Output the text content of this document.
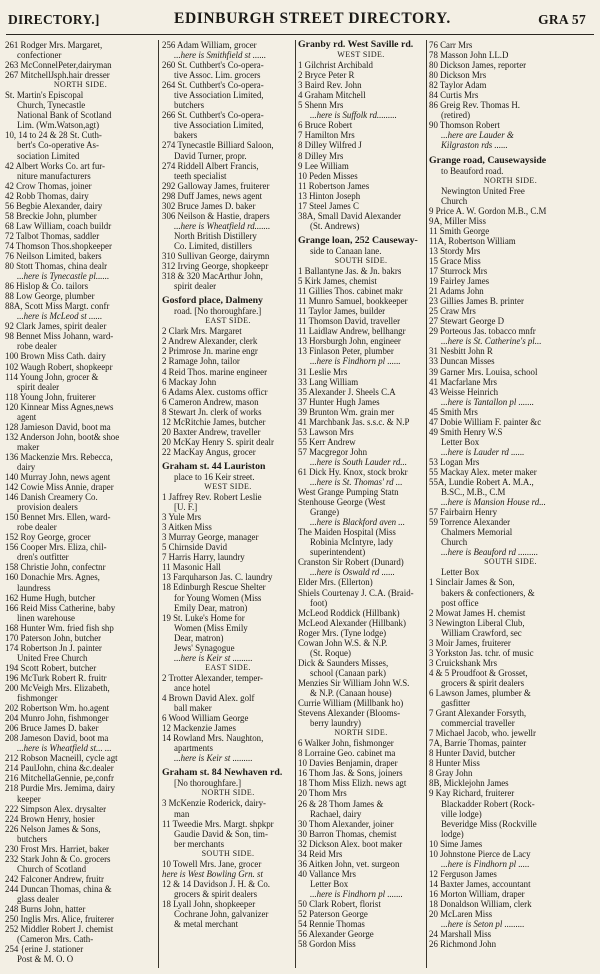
DIRECTORY.]	EDINBURGH STREET DIRECTORY.	GRA 57
261 Rodger Mrs. Margaret,
confectioner
263 McConnelPeter,dairyman
267 MitchellJsph.hair dresser
NORTH SIDE.
St. Martin's Episcopal
Church, Tynecastle
National Bank of Scotland
Lim. (Wm.Watson,agt)
10, 14 to 24 & 28 St. Cuth-
bert's Co-operative As-
sociation Limited
42 Albert Works Co. art fur-
niture manufacturers
42 Crow Thomas, joiner
42 Robb Thomas, dairy
56 Begbie Alexander, dairy
58 Breckie John, plumber
68 Law William, coach buildr
72 Talbot Thomas, saddler
74 Thomson Thos.shopkeeper
76 Neilson Limited, bakers
80 Stott Thomas, china dealr
...here is Tynecastle pl......
86 Hislop & Co. tailors
88 Low George, plumber
88A, Scott Miss Margt. confr
...here is McLeod st ......
92 Clark James, spirit dealer
98 Bennet Miss Johann, ward-
robe dealer
100 Brown Miss Cath. dairy
102 Waugh Robert, shopkeepr
114 Young John, grocer &
spirit dealer
118 Young John, fruiterer
120 Kinnear Miss Agnes,news
agent
128 Jamieson David, boot ma
132 Anderson John, boot& shoe
maker
136 Mackenzie Mrs. Rebecca,
dairy
140 Murray John, news agent
142 Cowie Miss Annie, draper
146 Danish Creamery Co.
provision dealers
150 Bennet Mrs. Ellen, ward-
robe dealer
152 Roy George, grocer
156 Cooper Mrs. Eliza, chil-
dren's outfitter
158 Christie John, confectnr
160 Donachie Mrs. Agnes,
laundress
162 Hume Hugh, butcher
166 Reid Miss Catherine, baby
linen warehouse
168 Hunter Wm. fried fish shp
170 Paterson John, butcher
174 Robertson Jn J. painter
United Free Church
194 Scott Robert, butcher
196 McTurk Robert R. fruitr
200 McVeigh Mrs. Elizabeth,
fishmonger
202 Robertson Wm. ho.agent
204 Munro John, fishmonger
206 Bruce James D. baker
208 Jameson David, boot ma
...here is Wheatfield st... ...
212 Robson Macneill, cycle agt
214 PaulJohn, china &c.dealer
216 MitchellaGennie, pe,confr
218 Purdie Mrs. Jemima, dairy
keeper
222 Simpson Alex. drysalter
224 Brown Henry, hosier
226 Nelson James & Sons,
butchers
230 Frost Mrs. Harriet, baker
232 Stark John & Co. grocers
Church of Scotland
242 Falconer Andrew, fruitr
244 Duncan Thomas, china &
glass dealer
248 Burns John, hatter
250 Inglis Mrs. Alice, fruiterer
252 Middler Robert J. chemist
(Cameron Mrs. Cath-
254 {erine J. stationer
Post & M. O. O
256 Adam William, grocer
...here is Smithfield st ......
260 St. Cuthbert's Co-opera-
tive Assoc. Lim. grocers
264 St. Cuthbert's Co-opera-
tive Association Limited,
butchers
266 St. Cuthbert's Co-opera-
tive Association Limited,
bakers
274 Tynecastle Billiard Saloon,
David Turner, propr.
274 Riddell Albert Francis,
teeth specialist
292 Galloway James, fruiterer
298 Duff James, news agent
302 Bruce James D. baker
306 Neilson & Hastie, drapers
...here is Wheatfield rd.......
North British Distillery
Co. Limited, distillers
310 Sullivan George, dairymn
312 Irving George, shopkeepr
318 & 320 MacArthur John,
spirit dealer
Gosford place, Dalmeny
road. [No thoroughfare.]
EAST SIDE.
2 Clark Mrs. Margaret
2 Andrew Alexander, clerk
2 Primrose Jn. marine engr
2 Ramage John, tailor
4 Reid Thos. marine engineer
6 Mackay John
6 Adams Alex. customs officr
6 Cameron Andrew, mason
8 Stewart Jn. clerk of works
12 McRitchie James, butcher
20 Baxter Andrew, traveller
20 McKay Henry S. spirit dealr
22 MacKay Angus, grocer
Graham st. 44 Lauriston
place to 16 Keir street.
WEST SIDE.
1 Jaffrey Rev. Robert Leslie
[U. F.]
3 Yule Mrs
3 Aitken Miss
3 Murray George, manager
5 Chirnside David
7 Harris Harry, laundry
11 Masonic Hall
13 Farquharson Jas. C. laundry
18 Edinburgh Rescue Shelter
for Young Women (Miss
Emily Dear, matron)
19 St. Luke's Home for
Women (Miss Emily
Dear, matron)
Jews' Synagogue
...here is Keir st .........
EAST SIDE.
2 Trotter Alexander, temper-
ance hotel
4 Brown David Alex. golf
ball maker
6 Wood William George
12 Mackenzie James
14 Rowland Mrs. Naughton,
apartments
...here is Keir st .........
Graham st. 84 Newhaven rd.
[No thoroughfare.]
NORTH SIDE.
3 McKenzie Roderick, dairy-
man
11 Tweedie Mrs. Margt. shpkpr
Gaudie David & Son, tim-
ber merchants
SOUTH SIDE.
10 Towell Mrs. Jane, grocer
here is West Bowling Grn. st
12 & 14 Davidson J. H. & Co.
grocers & spirit dealers
18 Lyall John, shopkeeper
Cochrane John, galvanizer
& metal merchant
Granby rd. West Saville rd.
WEST SIDE.
1 Gilchrist Archibald
2 Bryce Peter R
3 Baird Rev. John
4 Graham Mitchell
5 Shenn Mrs
...here is Suffolk rd.........
6 Bruce Robert
7 Hamilton Mrs
8 Dilley Wilfred J
8 Dilley Mrs
9 Lee William
10 Peden Misses
11 Robertson James
13 Hinton Joseph
17 Steel James C
38A, Small David Alexander
(St. Andrews)
Grange loan, 252 Causeway-
side to Canaan lane.
SOUTH SIDE.
1 Ballantyne Jas. & Jn. bakrs
5 Kirk James, chemist
11 Gillies Thos. cabinet makr
11 Munro Samuel, bookkeeper
11 Taylor James, builder
11 Thomson David, traveller
11 Laidlaw Andrew, bellhangr
13 Horsburgh John, engineer
13 Finlason Peter, plumber
...here is Findhorn pl ......
31 Leslie Mrs
33 Lang William
35 Alexander J. Sheels C.A
37 Hunter Hugh James
39 Brunton Wm. grain mer
41 Marchbank Jas. s.s.c. & N.P
53 Lawson Mrs
55 Kerr Andrew
57 Macgregor John
...here is South Lauder rd...
61 Dick Hy. Knox, stock brokr
...here is St. Thomas' rd ...
West Grange Pumping Statn
Stenhouse George (West
Grange)
...here is Blackford aven ...
The Maiden Hospital (Miss
Robinia McIntyre, lady
superintendent)
Cranston Sir Robert (Dunard)
...here is Oswald rd ......
Elder Mrs. (Ellerton)
Shiels Courtenay J. C.A. (Braid-
foot)
McLeod Roddick (Hillbank)
McLeod Alexander (Hillbank)
Roger Mrs. (Tyne lodge)
Cowan John W.S. & N.P.
(St. Roque)
Dick & Saunders Misses,
school (Canaan park)
Menzies Sir William John W.S.
& N.P. (Canaan house)
Currie William (Millbank ho)
Stevens Alexander (Blooms-
berry laundry)
NORTH SIDE.
6 Walker John, fishmonger
8 Lorraine Geo. cabinet ma
10 Davies Benjamin, draper
16 Thom Jas. & Sons, joiners
18 Thom Miss Elizh. news agt
20 Thom Mrs
26 & 28 Thom James &
Rachael, dairy
30 Thom Alexander, joiner
30 Barron Thomas, chemist
32 Dickson Alex. boot maker
34 Reid Mrs
36 Aitken John, vet. surgeon
40 Vallance Mrs
Letter Box
...here is Findhorn pl .......
50 Clark Robert, florist
52 Paterson George
54 Rennie Thomas
56 Alexander George
58 Gordon Miss
76 Carr Mrs
78 Masson John LL.D
80 Dickson James, reporter
80 Dickson Mrs
82 Taylor Adam
84 Curtis Mrs
86 Greig Rev. Thomas H.
(retired)
90 Thomson Robert
...here are Lauder &
Kilgraston rds ......
Grange road, Causewayside
to Beauford road.
NORTH SIDE.
Newington United Free
Church
9 Price A. W. Gordon M.B., C.M
9A, Miller Miss
11 Smith George
11A, Robertson William
13 Stordy Mrs
15 Grace Miss
17 Sturrock Mrs
19 Fairley James
21 Adams John
23 Gillies James B. printer
25 Craw Mrs
27 Stewart George D
29 Porteous Jas. tobacco mnfr
...here is St. Catherine's pl...
31 Nesbitt John R
33 Duncan Misses
39 Garner Mrs. Louisa, school
41 Macfarlane Mrs
43 Weisse Heinrich
...here is Tantallon pl .......
45 Smith Mrs
47 Dobie William F. painter &c
49 Smith Henry W.S
Letter Box
...here is Lauder rd ......
53 Logan Mrs
55 Mackay Alex. meter maker
55A, Lundie Robert A. M.A.,
B.SC., M.B., C.M
...here is Mansion House rd...
57 Fairbairn Henry
59 Torrence Alexander
Chalmers Memorial
Church
...here is Beauford rd .........
SOUTH SIDE.
Letter Box
1 Sinclair James & Son,
bakers & confectioners, &
post office
2 Mowat James H. chemist
3 Newington Liberal Club,
William Crawford, sec
3 Moir James, fruiterer
3 Yorkston Jas. tchr. of music
3 Cruickshank Mrs
4 & 5 Proudfoot & Grosset,
grocers & spirit dealers
6 Lawson James, plumber &
gasfitter
7 Grant Alexander Forsyth,
commercial traveller
7 Michael Jacob, who. jewellr
7A, Barrie Thomas, painter
8 Hunter David, butcher
8 Hunter Miss
8 Gray John
8B, Micklejohn James
9 Kay Richard, fruiterer
Blackadder Robert (Rock-
ville lodge)
Beveridge Miss (Rockville
lodge)
10 Sime James
10 Johnstone Pierce de Lacy
...here is Findhorn pl .....
12 Ferguson James
14 Baxter James, accountant
16 Morton William, draper
18 Donaldson William, clerk
20 McLaren Miss
...here is Seton pl .........
24 Marshall Miss
26 Richmond John
